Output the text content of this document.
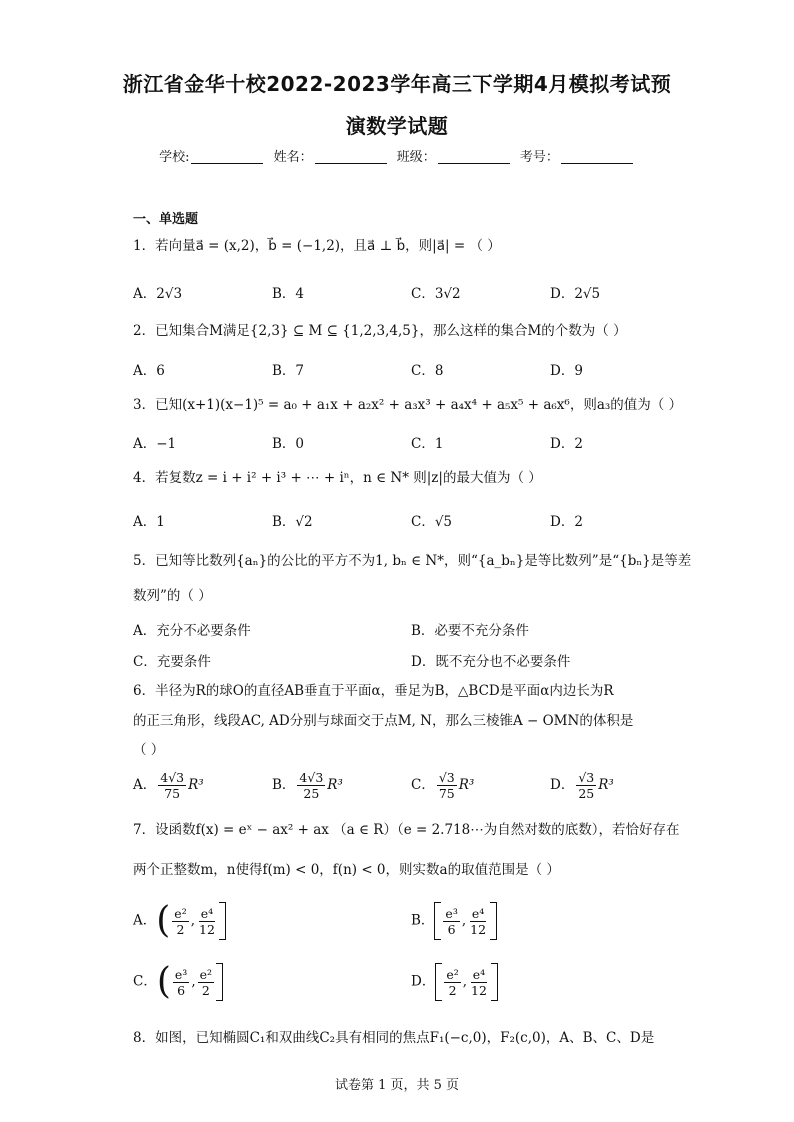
浙江省金华十校2022-2023学年高三下学期4月模拟考试预
演数学试题
学校:	姓名：	班级：	考号：
一、单选题
1．若向量a⃗ = (x,2)，b⃗ = (−1,2)，且a⃗ ⊥ b⃗，则|a⃗| = （ ）
A．2√3	B．4	C．3√2	D．2√5
2．已知集合M满足{2,3} ⊆ M ⊆ {1,2,3,4,5}，那么这样的集合M的个数为（ ）
A．6	B．7	C．8	D．9
3．已知(x+1)(x−1)⁵ = a₀ + a₁x + a₂x² + a₃x³ + a₄x⁴ + a₅x⁵ + a₆x⁶，则a₃的值为（ ）
A．−1	B．0	C．1	D．2
4．若复数z = i + i² + i³ + ⋯ + iⁿ，n ∈ N* 则|z|的最大值为（ ）
A．1	B．√2	C．√5	D．2
5．已知等比数列{aₙ}的公比的平方不为1, bₙ ∈ N*，则“{a_bₙ}是等比数列”是“{bₙ}是等差
数列”的（ ）
A．充分不必要条件	B．必要不充分条件
C．充要条件	D．既不充分也不必要条件
6．半径为R的球O的直径AB垂直于平面α，垂足为B，△BCD是平面α内边长为R
的正三角形，线段AC, AD分别与球面交于点M, N，那么三棱锥A − OMN的体积是
（ ）
A． $\frac{4√3}{75} R^3$	B． $\frac{4√3}{25} R^3$	C． $\frac{√3}{75} R^3$	D． $\frac{√3}{25} R^3$
7．设函数f(x) = eˣ − ax² + ax （a ∈ R）（e = 2.718⋯为自然对数的底数），若恰好存在
两个正整数m，n使得f(m) < 0，f(n) < 0，则实数a的取值范围是（ ）
A．( $\frac{\text{e²}}{2}$ , $\frac{\text{e⁴}}{12}$	B． $\frac{\text{e³}}{6}$ , $\frac{\text{e⁴}}{12}$
C．( $\frac{\text{e³}}{6}$ , $\frac{\text{e²}}{2}$	D． $\frac{\text{e²}}{2}$ , $\frac{\text{e⁴}}{12}$
8．如图，已知椭圆C₁和双曲线C₂具有相同的焦点F₁(−c,0)，F₂(c,0)，A、B、C、D是
试卷第 1 页，共 5 页
